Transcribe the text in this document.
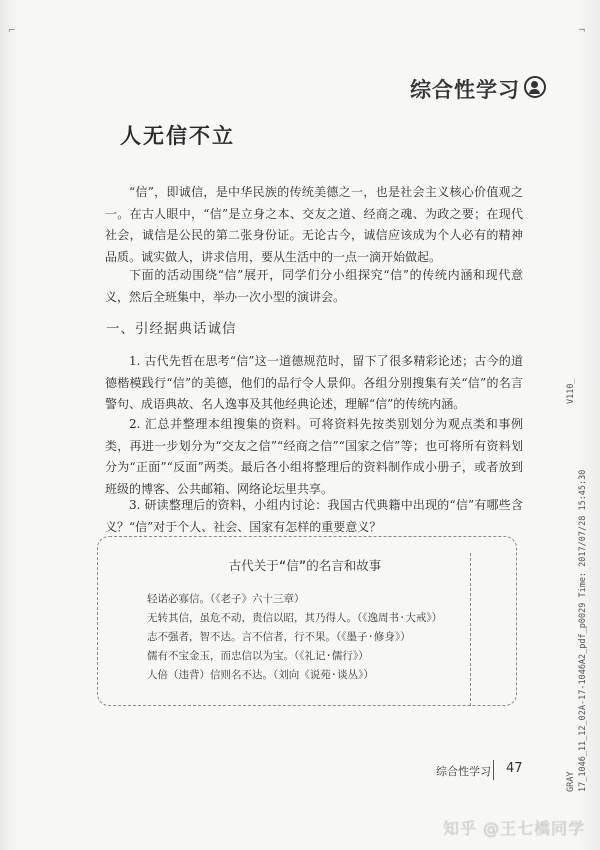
⌐	¬
综合性学习
人无信不立

“信”，即诚信，是中华民族的传统美德之一，也是社会主义核心价值观之一。在古人眼中，“信”是立身之本、交友之道、经商之魂、为政之要；在现代社会，诚信是公民的第二张身份证。无论古今，诚信应该成为个人必有的精神品质。诚实做人，讲求信用，要从生活中的一点一滴开始做起。

下面的活动围绕“信”展开，同学们分小组探究“信”的传统内涵和现代意义，然后全班集中，举办一次小型的演讲会。

一、引经据典话诚信

1. 古代先哲在思考“信”这一道德规范时，留下了很多精彩论述；古今的道德楷模践行“信”的美德，他们的品行令人景仰。各组分别搜集有关“信”的名言警句、成语典故、名人逸事及其他经典论述，理解“信”的传统内涵。

2. 汇总并整理本组搜集的资料。可将资料先按类别划分为观点类和事例类，再进一步划分为“交友之信”“经商之信”“国家之信”等；也可将所有资料划分为“正面”“反面”两类。最后各小组将整理后的资料制作成小册子，或者放到班级的博客、公共邮箱、网络论坛里共享。

3. 研读整理后的资料，小组内讨论：我国古代典籍中出现的“信”有哪些含义？“信”对于个人、社会、国家有怎样的重要意义？

古代关于“信”的名言和故事
轻诺必寡信。（《老子》六十三章）
无转其信，虽危不动，贵信以昭，其乃得人。（《逸周书·大戒》）
志不强者，智不达。言不信者，行不果。（《墨子·修身》）
儒有不宝金玉，而忠信以为宝。（《礼记·儒行》）
人倍（违背）信则名不达。（刘向《说苑·谈丛》）
综合性学习 47
V110_
17_1046_11_12_02A-17-1046A2_pdf_p0029 Time: 2017/07/28 15:45:30
GRAY
知乎 @王七橋同学
